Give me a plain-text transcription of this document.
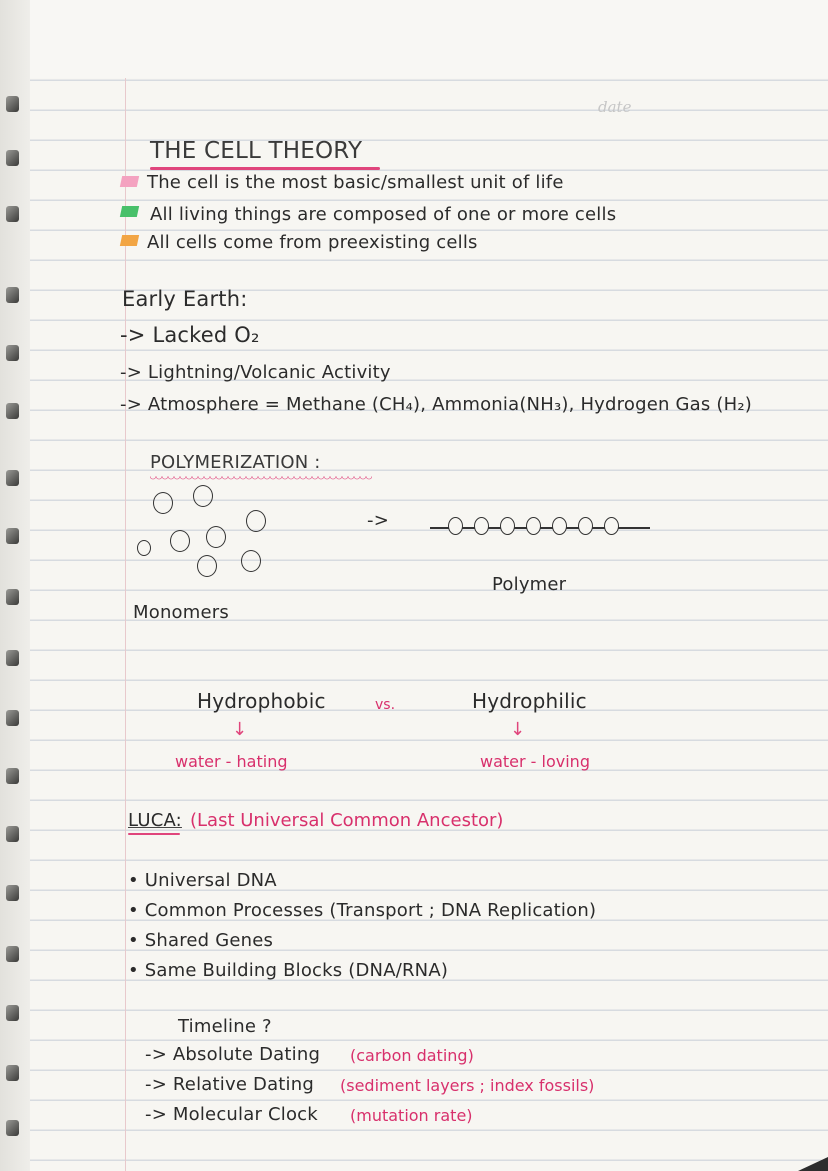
date
THE CELL THEORY
The cell is the most basic/smallest unit of life
All living things are composed of one or more cells
All cells come from preexisting cells
Early Earth:
-> Lacked O₂
-> Lightning/Volcanic Activity
-> Atmosphere = Methane (CH₄), Ammonia(NH₃), Hydrogen Gas (H₂)
POLYMERIZATION :
->
Polymer
Monomers
Hydrophobic	vs.	Hydrophilic
↓	↓
water - hating	water - loving
LUCA: (Last Universal Common Ancestor)
• Universal DNA
• Common Processes (Transport ; DNA Replication)
• Shared Genes
• Same Building Blocks (DNA/RNA)
Timeline ?
-> Absolute Dating (carbon dating)
-> Relative Dating (sediment layers ; index fossils)
-> Molecular Clock (mutation rate)
